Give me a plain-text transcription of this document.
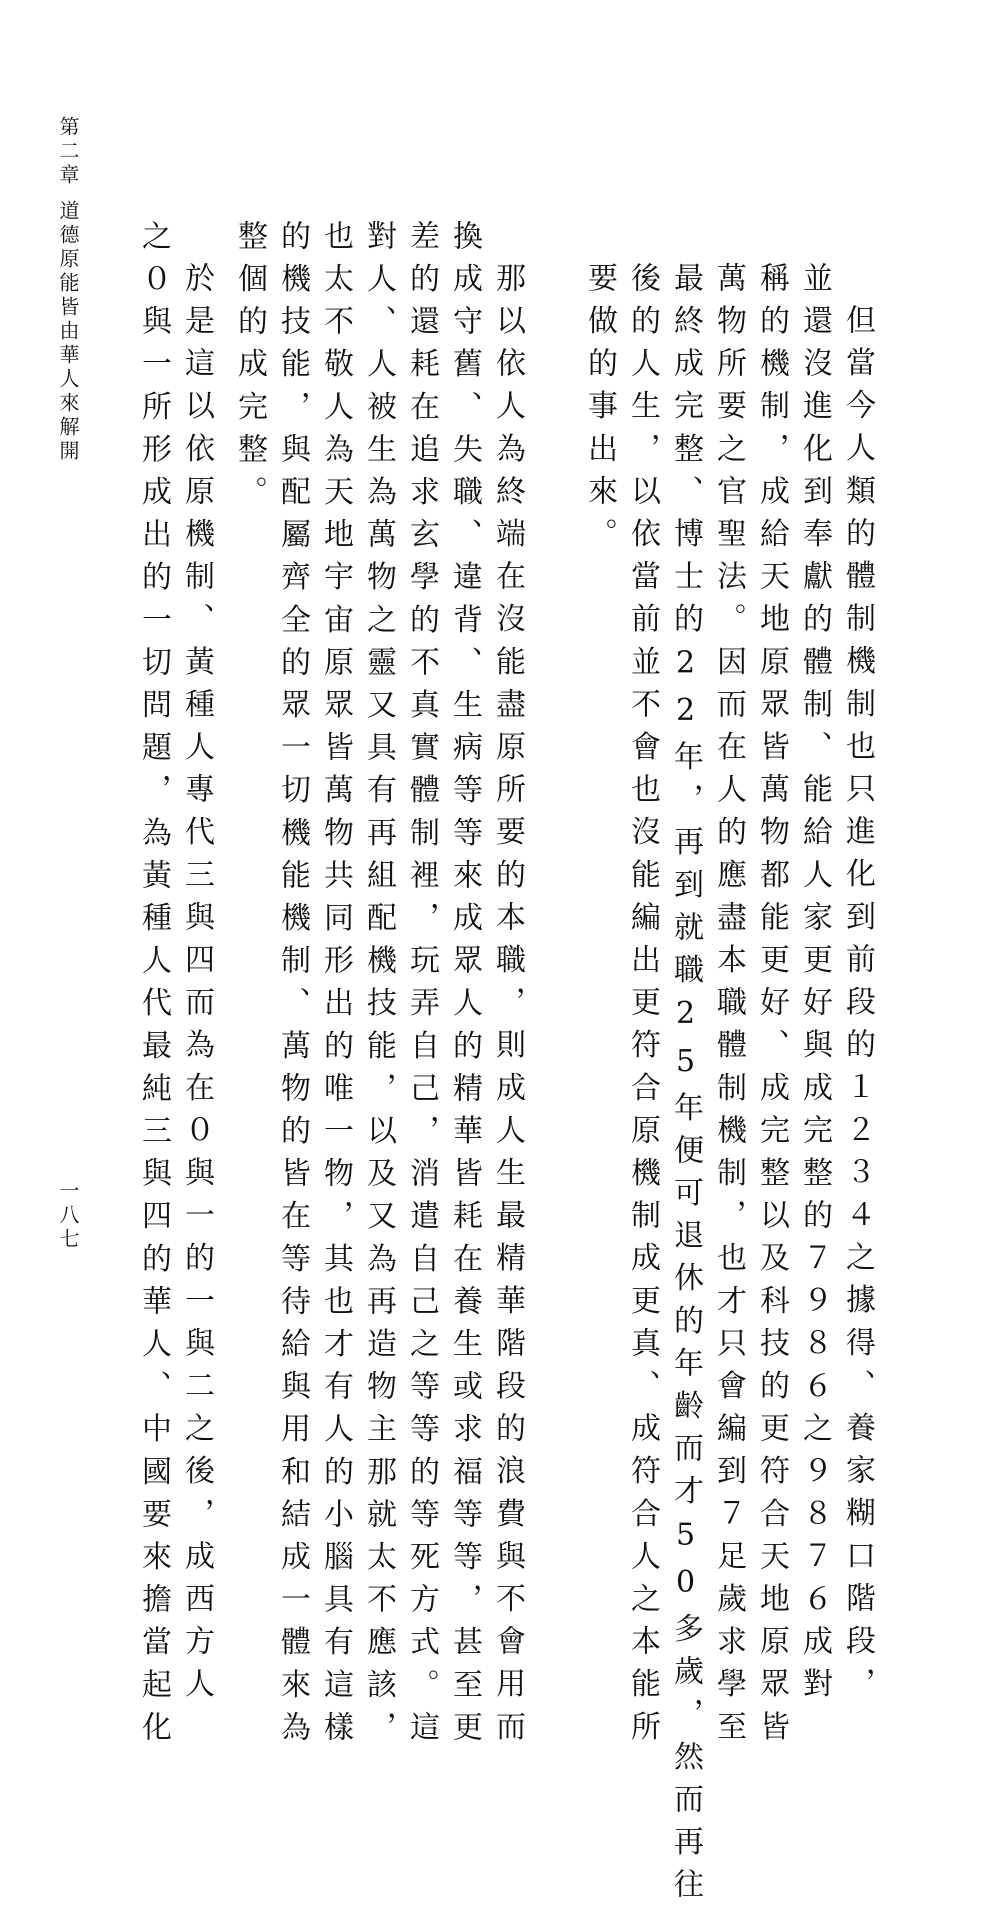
第二章
道德原能皆由華人來解開
一八七	但當今人類的體制機制也只進化到前段的１２３４之據得、養家糊口階段，
並還沒進化到奉獻的體制、能給人家更好與成完整的７９８６之９８７６成對
稱的機制，成給天地原眾皆萬物都能更好、成完整以及科技的更符合天地原眾皆
萬物所要之官聖法。因而在人的應盡本職體制機制，也才只會編到７足歲求學至
最終成完整、博士的22年，再到就職25年便可退休的年齡而才50多歲，然而再往
後的人生，以依當前並不會也沒能編出更符合原機制成更真、成符合人之本能所
要做的事出來。
那以依人為終端在沒能盡原所要的本職，則成人生最精華階段的浪費與不會用而
換成守舊、失職、違背、生病等等來成眾人的精華皆耗在養生或求福等等，甚至更
差的還耗在追求玄學的不真實體制裡，玩弄自己，消遣自己之等等的等死方式。這
對人、人被生為萬物之靈又具有再組配機技能，以及又為再造物主那就太不應該，
也太不敬人為天地宇宙原眾皆萬物共同形出的唯一物，其也才有人的小腦具有這樣
的機技能，與配屬齊全的眾一切機能機制、萬物的皆在等待給與用和結成一體來為
整個的成完整。
於是這以依原機制、黃種人專代三與四而為在０與一的一與二之後，成西方人
之０與一所形成出的一切問題，為黃種人代最純三與四的華人、中國要來擔當起化
